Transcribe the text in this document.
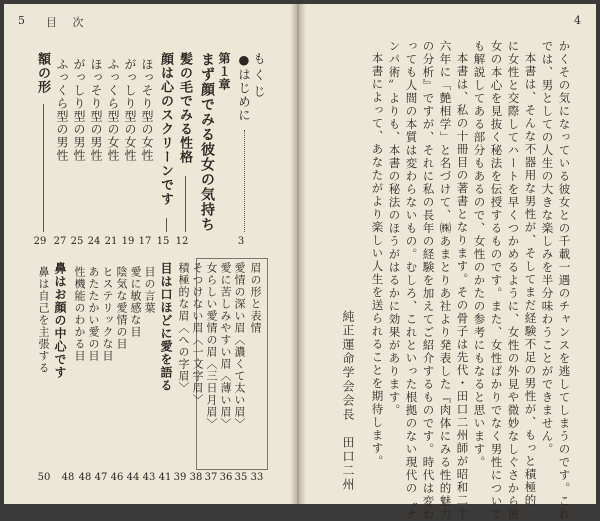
5 目 次
もくじ
●はじめに
3
第１章
まず顔でみる彼女の気持ち
髪の毛でみる性格
12
顔は心のスクリーンです
15
ほっそり型の女性
17
がっしり型の女性
19
ふっくら型の女性
21
ほっそり型の男性
24
がっしり型の男性
25
ふっくら型の男性
27
額の形
29
眉の形と表情
愛情の深い眉〈濃くて太い眉〉
33
愛に苦しみやすい眉〈薄い眉〉
35
女らしい愛情の眉〈三日月眉〉
36
そつけない眉〈一文字眉〉
37
積極的な眉〈への字眉〉
38
目は口ほどに愛を語る
39
目の言葉
41
愛に敏感な目
43
陰気な愛情の目
44
ヒステリックな目
46
あたたかい愛の目
47
性機能のわかる目
48
鼻はお顔の中心です
48
鼻は自己を主張する
50
4
かくその気になっている彼女との千載一遇のチャンスを逃してしまうのです。これ
では、男としての人生の大きな楽しみを半分味わうことができません。
本書は、そんな不器用な男性が、そしてまだ経験不足の男性が、もっと積極的
に女性と交際してハートを早くつかめるように、女性の外見や微妙なしぐさから彼
女の本心を見抜く秘法を伝授するものです。また、女性ばかりでなく男性について
も解説してある部分もあるので、女性のかたの参考にもなると思います。
本書は、私の十冊目の著書となります。その骨子は先代・田口二州師が昭和二十
六年に「艶相学」と名づけて、㈱あまとりあ社より発表した『肉体にみる性的魅力
の分析』ですが、それに私の長年の経験を加えてご紹介するものです。時代は変わ
っても人間の本質は変わらないもの。むしろ、これといった根拠のない現代の〝ナ
ンパ術〟よりも、本書の秘法のほうがはるかに効果があります。
本書によって、あなたがより楽しい人生を送られることを期待します。
純正運命学会会長　田口二州
